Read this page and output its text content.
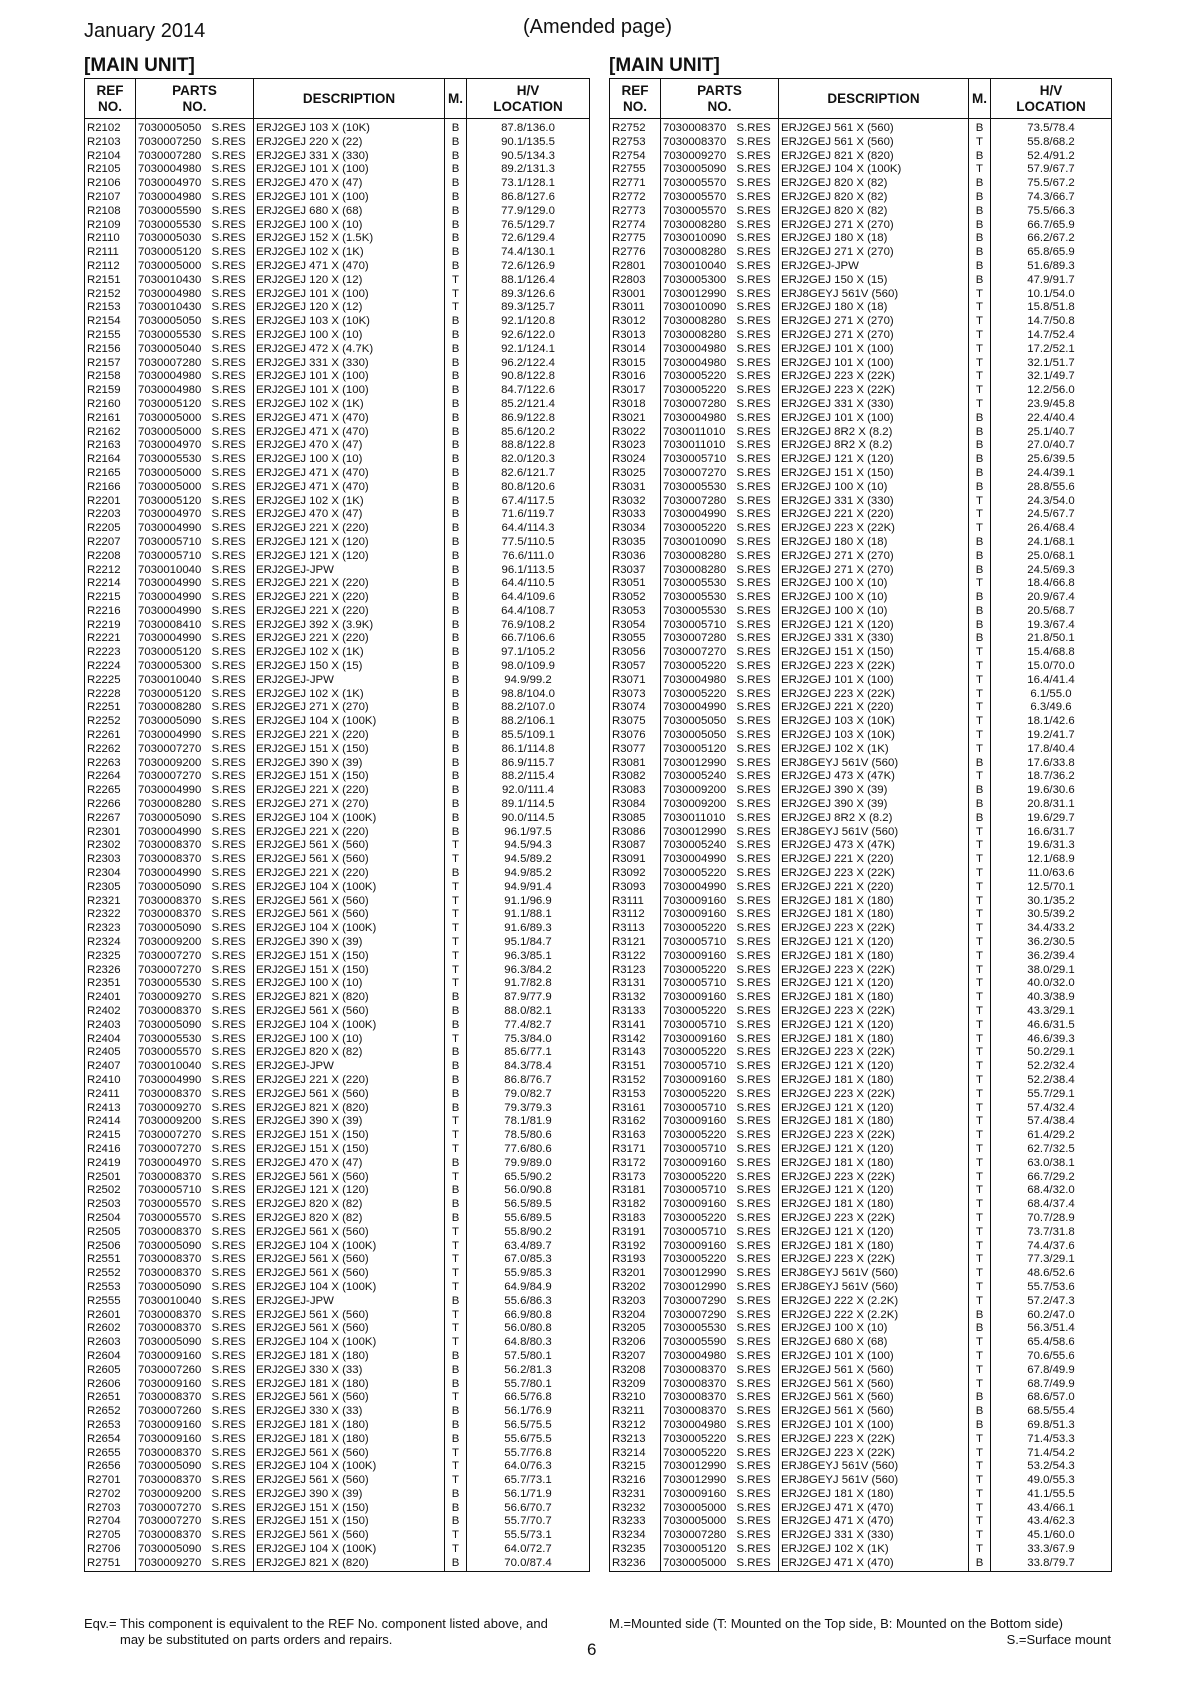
January 2014	(Amended page)
[MAIN UNIT]
REF
NO.	PARTS
NO.		DESCRIPTION	M.	H/V
LOCATION
R2102	7030005050	S.RES	ERJ2GEJ 103 X (10K)	B	87.8/136.0
R2103	7030007250	S.RES	ERJ2GEJ 220 X (22)	B	90.1/135.5
R2104	7030007280	S.RES	ERJ2GEJ 331 X (330)	B	90.5/134.3
R2105	7030004980	S.RES	ERJ2GEJ 101 X (100)	B	89.2/131.3
R2106	7030004970	S.RES	ERJ2GEJ 470 X (47)	B	73.1/128.1
R2107	7030004980	S.RES	ERJ2GEJ 101 X (100)	B	86.8/127.6
R2108	7030005590	S.RES	ERJ2GEJ 680 X (68)	B	77.9/129.0
R2109	7030005530	S.RES	ERJ2GEJ 100 X (10)	B	76.5/129.7
R2110	7030005030	S.RES	ERJ2GEJ 152 X (1.5K)	B	72.6/129.4
R2111	7030005120	S.RES	ERJ2GEJ 102 X (1K)	B	74.4/130.1
R2112	7030005000	S.RES	ERJ2GEJ 471 X (470)	B	72.6/126.9
R2151	7030010430	S.RES	ERJ2GEJ 120 X (12)	T	88.1/126.4
R2152	7030004980	S.RES	ERJ2GEJ 101 X (100)	T	89.3/126.6
R2153	7030010430	S.RES	ERJ2GEJ 120 X (12)	T	89.3/125.7
R2154	7030005050	S.RES	ERJ2GEJ 103 X (10K)	B	92.1/120.8
R2155	7030005530	S.RES	ERJ2GEJ 100 X (10)	B	92.6/122.0
R2156	7030005040	S.RES	ERJ2GEJ 472 X (4.7K)	B	92.1/124.1
R2157	7030007280	S.RES	ERJ2GEJ 331 X (330)	B	96.2/122.4
R2158	7030004980	S.RES	ERJ2GEJ 101 X (100)	B	90.8/122.8
R2159	7030004980	S.RES	ERJ2GEJ 101 X (100)	B	84.7/122.6
R2160	7030005120	S.RES	ERJ2GEJ 102 X (1K)	B	85.2/121.4
R2161	7030005000	S.RES	ERJ2GEJ 471 X (470)	B	86.9/122.8
R2162	7030005000	S.RES	ERJ2GEJ 471 X (470)	B	85.6/120.2
R2163	7030004970	S.RES	ERJ2GEJ 470 X (47)	B	88.8/122.8
R2164	7030005530	S.RES	ERJ2GEJ 100 X (10)	B	82.0/120.3
R2165	7030005000	S.RES	ERJ2GEJ 471 X (470)	B	82.6/121.7
R2166	7030005000	S.RES	ERJ2GEJ 471 X (470)	B	80.8/120.6
R2201	7030005120	S.RES	ERJ2GEJ 102 X (1K)	B	67.4/117.5
R2203	7030004970	S.RES	ERJ2GEJ 470 X (47)	B	71.6/119.7
R2205	7030004990	S.RES	ERJ2GEJ 221 X (220)	B	64.4/114.3
R2207	7030005710	S.RES	ERJ2GEJ 121 X (120)	B	77.5/110.5
R2208	7030005710	S.RES	ERJ2GEJ 121 X (120)	B	76.6/111.0
R2212	7030010040	S.RES	ERJ2GEJ-JPW	B	96.1/113.5
R2214	7030004990	S.RES	ERJ2GEJ 221 X (220)	B	64.4/110.5
R2215	7030004990	S.RES	ERJ2GEJ 221 X (220)	B	64.4/109.6
R2216	7030004990	S.RES	ERJ2GEJ 221 X (220)	B	64.4/108.7
R2219	7030008410	S.RES	ERJ2GEJ 392 X (3.9K)	B	76.9/108.2
R2221	7030004990	S.RES	ERJ2GEJ 221 X (220)	B	66.7/106.6
R2223	7030005120	S.RES	ERJ2GEJ 102 X (1K)	B	97.1/105.2
R2224	7030005300	S.RES	ERJ2GEJ 150 X (15)	B	98.0/109.9
R2225	7030010040	S.RES	ERJ2GEJ-JPW	B	94.9/99.2
R2228	7030005120	S.RES	ERJ2GEJ 102 X (1K)	B	98.8/104.0
R2251	7030008280	S.RES	ERJ2GEJ 271 X (270)	B	88.2/107.0
R2252	7030005090	S.RES	ERJ2GEJ 104 X (100K)	B	88.2/106.1
R2261	7030004990	S.RES	ERJ2GEJ 221 X (220)	B	85.5/109.1
R2262	7030007270	S.RES	ERJ2GEJ 151 X (150)	B	86.1/114.8
R2263	7030009200	S.RES	ERJ2GEJ 390 X (39)	B	86.9/115.7
R2264	7030007270	S.RES	ERJ2GEJ 151 X (150)	B	88.2/115.4
R2265	7030004990	S.RES	ERJ2GEJ 221 X (220)	B	92.0/111.4
R2266	7030008280	S.RES	ERJ2GEJ 271 X (270)	B	89.1/114.5
R2267	7030005090	S.RES	ERJ2GEJ 104 X (100K)	B	90.0/114.5
R2301	7030004990	S.RES	ERJ2GEJ 221 X (220)	B	96.1/97.5
R2302	7030008370	S.RES	ERJ2GEJ 561 X (560)	T	94.5/94.3
R2303	7030008370	S.RES	ERJ2GEJ 561 X (560)	T	94.5/89.2
R2304	7030004990	S.RES	ERJ2GEJ 221 X (220)	B	94.9/85.2
R2305	7030005090	S.RES	ERJ2GEJ 104 X (100K)	T	94.9/91.4
R2321	7030008370	S.RES	ERJ2GEJ 561 X (560)	T	91.1/96.9
R2322	7030008370	S.RES	ERJ2GEJ 561 X (560)	T	91.1/88.1
R2323	7030005090	S.RES	ERJ2GEJ 104 X (100K)	T	91.6/89.3
R2324	7030009200	S.RES	ERJ2GEJ 390 X (39)	T	95.1/84.7
R2325	7030007270	S.RES	ERJ2GEJ 151 X (150)	T	96.3/85.1
R2326	7030007270	S.RES	ERJ2GEJ 151 X (150)	T	96.3/84.2
R2351	7030005530	S.RES	ERJ2GEJ 100 X (10)	T	91.7/82.8
R2401	7030009270	S.RES	ERJ2GEJ 821 X (820)	B	87.9/77.9
R2402	7030008370	S.RES	ERJ2GEJ 561 X (560)	B	88.0/82.1
R2403	7030005090	S.RES	ERJ2GEJ 104 X (100K)	B	77.4/82.7
R2404	7030005530	S.RES	ERJ2GEJ 100 X (10)	T	75.3/84.0
R2405	7030005570	S.RES	ERJ2GEJ 820 X (82)	B	85.6/77.1
R2407	7030010040	S.RES	ERJ2GEJ-JPW	B	84.3/78.4
R2410	7030004990	S.RES	ERJ2GEJ 221 X (220)	B	86.8/76.7
R2411	7030008370	S.RES	ERJ2GEJ 561 X (560)	B	79.0/82.7
R2413	7030009270	S.RES	ERJ2GEJ 821 X (820)	B	79.3/79.3
R2414	7030009200	S.RES	ERJ2GEJ 390 X (39)	T	78.1/81.9
R2415	7030007270	S.RES	ERJ2GEJ 151 X (150)	T	78.5/80.6
R2416	7030007270	S.RES	ERJ2GEJ 151 X (150)	T	77.6/80.6
R2419	7030004970	S.RES	ERJ2GEJ 470 X (47)	B	79.9/89.0
R2501	7030008370	S.RES	ERJ2GEJ 561 X (560)	T	65.5/90.2
R2502	7030005710	S.RES	ERJ2GEJ 121 X (120)	B	56.0/90.8
R2503	7030005570	S.RES	ERJ2GEJ 820 X (82)	B	56.5/89.5
R2504	7030005570	S.RES	ERJ2GEJ 820 X (82)	B	55.6/89.5
R2505	7030008370	S.RES	ERJ2GEJ 561 X (560)	T	55.8/90.2
R2506	7030005090	S.RES	ERJ2GEJ 104 X (100K)	T	63.4/89.7
R2551	7030008370	S.RES	ERJ2GEJ 561 X (560)	T	67.0/85.3
R2552	7030008370	S.RES	ERJ2GEJ 561 X (560)	T	55.9/85.3
R2553	7030005090	S.RES	ERJ2GEJ 104 X (100K)	T	64.9/84.9
R2555	7030010040	S.RES	ERJ2GEJ-JPW	B	55.6/86.3
R2601	7030008370	S.RES	ERJ2GEJ 561 X (560)	T	66.9/80.8
R2602	7030008370	S.RES	ERJ2GEJ 561 X (560)	T	56.0/80.8
R2603	7030005090	S.RES	ERJ2GEJ 104 X (100K)	T	64.8/80.3
R2604	7030009160	S.RES	ERJ2GEJ 181 X (180)	B	57.5/80.1
R2605	7030007260	S.RES	ERJ2GEJ 330 X (33)	B	56.2/81.3
R2606	7030009160	S.RES	ERJ2GEJ 181 X (180)	B	55.7/80.1
R2651	7030008370	S.RES	ERJ2GEJ 561 X (560)	T	66.5/76.8
R2652	7030007260	S.RES	ERJ2GEJ 330 X (33)	B	56.1/76.9
R2653	7030009160	S.RES	ERJ2GEJ 181 X (180)	B	56.5/75.5
R2654	7030009160	S.RES	ERJ2GEJ 181 X (180)	B	55.6/75.5
R2655	7030008370	S.RES	ERJ2GEJ 561 X (560)	T	55.7/76.8
R2656	7030005090	S.RES	ERJ2GEJ 104 X (100K)	T	64.0/76.3
R2701	7030008370	S.RES	ERJ2GEJ 561 X (560)	T	65.7/73.1
R2702	7030009200	S.RES	ERJ2GEJ 390 X (39)	B	56.1/71.9
R2703	7030007270	S.RES	ERJ2GEJ 151 X (150)	B	56.6/70.7
R2704	7030007270	S.RES	ERJ2GEJ 151 X (150)	B	55.7/70.7
R2705	7030008370	S.RES	ERJ2GEJ 561 X (560)	T	55.5/73.1
R2706	7030005090	S.RES	ERJ2GEJ 104 X (100K)	T	64.0/72.7
R2751	7030009270	S.RES	ERJ2GEJ 821 X (820)	B	70.0/87.4
[MAIN UNIT]
REF
NO.	PARTS
NO.		DESCRIPTION	M.	H/V
LOCATION
R2752	7030008370	S.RES	ERJ2GEJ 561 X (560)	B	73.5/78.4
R2753	7030008370	S.RES	ERJ2GEJ 561 X (560)	T	55.8/68.2
R2754	7030009270	S.RES	ERJ2GEJ 821 X (820)	B	52.4/91.2
R2755	7030005090	S.RES	ERJ2GEJ 104 X (100K)	T	57.9/67.7
R2771	7030005570	S.RES	ERJ2GEJ 820 X (82)	B	75.5/67.2
R2772	7030005570	S.RES	ERJ2GEJ 820 X (82)	B	74.3/66.7
R2773	7030005570	S.RES	ERJ2GEJ 820 X (82)	B	75.5/66.3
R2774	7030008280	S.RES	ERJ2GEJ 271 X (270)	B	66.7/65.9
R2775	7030010090	S.RES	ERJ2GEJ 180 X (18)	B	66.2/67.2
R2776	7030008280	S.RES	ERJ2GEJ 271 X (270)	B	65.8/65.9
R2801	7030010040	S.RES	ERJ2GEJ-JPW	B	51.6/89.3
R2803	7030005300	S.RES	ERJ2GEJ 150 X (15)	B	47.9/91.7
R3001	7030012990	S.RES	ERJ8GEYJ 561V (560)	T	10.1/54.0
R3011	7030010090	S.RES	ERJ2GEJ 180 X (18)	T	15.8/51.8
R3012	7030008280	S.RES	ERJ2GEJ 271 X (270)	T	14.7/50.8
R3013	7030008280	S.RES	ERJ2GEJ 271 X (270)	T	14.7/52.4
R3014	7030004980	S.RES	ERJ2GEJ 101 X (100)	T	17.2/52.1
R3015	7030004980	S.RES	ERJ2GEJ 101 X (100)	T	32.1/51.7
R3016	7030005220	S.RES	ERJ2GEJ 223 X (22K)	T	32.1/49.7
R3017	7030005220	S.RES	ERJ2GEJ 223 X (22K)	T	12.2/56.0
R3018	7030007280	S.RES	ERJ2GEJ 331 X (330)	T	23.9/45.8
R3021	7030004980	S.RES	ERJ2GEJ 101 X (100)	B	22.4/40.4
R3022	7030011010	S.RES	ERJ2GEJ 8R2 X (8.2)	B	25.1/40.7
R3023	7030011010	S.RES	ERJ2GEJ 8R2 X (8.2)	B	27.0/40.7
R3024	7030005710	S.RES	ERJ2GEJ 121 X (120)	B	25.6/39.5
R3025	7030007270	S.RES	ERJ2GEJ 151 X (150)	B	24.4/39.1
R3031	7030005530	S.RES	ERJ2GEJ 100 X (10)	B	28.8/55.6
R3032	7030007280	S.RES	ERJ2GEJ 331 X (330)	T	24.3/54.0
R3033	7030004990	S.RES	ERJ2GEJ 221 X (220)	T	24.5/67.7
R3034	7030005220	S.RES	ERJ2GEJ 223 X (22K)	T	26.4/68.4
R3035	7030010090	S.RES	ERJ2GEJ 180 X (18)	B	24.1/68.1
R3036	7030008280	S.RES	ERJ2GEJ 271 X (270)	B	25.0/68.1
R3037	7030008280	S.RES	ERJ2GEJ 271 X (270)	B	24.5/69.3
R3051	7030005530	S.RES	ERJ2GEJ 100 X (10)	T	18.4/66.8
R3052	7030005530	S.RES	ERJ2GEJ 100 X (10)	B	20.9/67.4
R3053	7030005530	S.RES	ERJ2GEJ 100 X (10)	B	20.5/68.7
R3054	7030005710	S.RES	ERJ2GEJ 121 X (120)	B	19.3/67.4
R3055	7030007280	S.RES	ERJ2GEJ 331 X (330)	B	21.8/50.1
R3056	7030007270	S.RES	ERJ2GEJ 151 X (150)	T	15.4/68.8
R3057	7030005220	S.RES	ERJ2GEJ 223 X (22K)	T	15.0/70.0
R3071	7030004980	S.RES	ERJ2GEJ 101 X (100)	T	16.4/41.4
R3073	7030005220	S.RES	ERJ2GEJ 223 X (22K)	T	6.1/55.0
R3074	7030004990	S.RES	ERJ2GEJ 221 X (220)	T	6.3/49.6
R3075	7030005050	S.RES	ERJ2GEJ 103 X (10K)	T	18.1/42.6
R3076	7030005050	S.RES	ERJ2GEJ 103 X (10K)	T	19.2/41.7
R3077	7030005120	S.RES	ERJ2GEJ 102 X (1K)	T	17.8/40.4
R3081	7030012990	S.RES	ERJ8GEYJ 561V (560)	B	17.6/33.8
R3082	7030005240	S.RES	ERJ2GEJ 473 X (47K)	T	18.7/36.2
R3083	7030009200	S.RES	ERJ2GEJ 390 X (39)	B	19.6/30.6
R3084	7030009200	S.RES	ERJ2GEJ 390 X (39)	B	20.8/31.1
R3085	7030011010	S.RES	ERJ2GEJ 8R2 X (8.2)	B	19.6/29.7
R3086	7030012990	S.RES	ERJ8GEYJ 561V (560)	T	16.6/31.7
R3087	7030005240	S.RES	ERJ2GEJ 473 X (47K)	T	19.6/31.3
R3091	7030004990	S.RES	ERJ2GEJ 221 X (220)	T	12.1/68.9
R3092	7030005220	S.RES	ERJ2GEJ 223 X (22K)	T	11.0/63.6
R3093	7030004990	S.RES	ERJ2GEJ 221 X (220)	T	12.5/70.1
R3111	7030009160	S.RES	ERJ2GEJ 181 X (180)	T	30.1/35.2
R3112	7030009160	S.RES	ERJ2GEJ 181 X (180)	T	30.5/39.2
R3113	7030005220	S.RES	ERJ2GEJ 223 X (22K)	T	34.4/33.2
R3121	7030005710	S.RES	ERJ2GEJ 121 X (120)	T	36.2/30.5
R3122	7030009160	S.RES	ERJ2GEJ 181 X (180)	T	36.2/39.4
R3123	7030005220	S.RES	ERJ2GEJ 223 X (22K)	T	38.0/29.1
R3131	7030005710	S.RES	ERJ2GEJ 121 X (120)	T	40.0/32.0
R3132	7030009160	S.RES	ERJ2GEJ 181 X (180)	T	40.3/38.9
R3133	7030005220	S.RES	ERJ2GEJ 223 X (22K)	T	43.3/29.1
R3141	7030005710	S.RES	ERJ2GEJ 121 X (120)	T	46.6/31.5
R3142	7030009160	S.RES	ERJ2GEJ 181 X (180)	T	46.6/39.3
R3143	7030005220	S.RES	ERJ2GEJ 223 X (22K)	T	50.2/29.1
R3151	7030005710	S.RES	ERJ2GEJ 121 X (120)	T	52.2/32.4
R3152	7030009160	S.RES	ERJ2GEJ 181 X (180)	T	52.2/38.4
R3153	7030005220	S.RES	ERJ2GEJ 223 X (22K)	T	55.7/29.1
R3161	7030005710	S.RES	ERJ2GEJ 121 X (120)	T	57.4/32.4
R3162	7030009160	S.RES	ERJ2GEJ 181 X (180)	T	57.4/38.4
R3163	7030005220	S.RES	ERJ2GEJ 223 X (22K)	T	61.4/29.2
R3171	7030005710	S.RES	ERJ2GEJ 121 X (120)	T	62.7/32.5
R3172	7030009160	S.RES	ERJ2GEJ 181 X (180)	T	63.0/38.1
R3173	7030005220	S.RES	ERJ2GEJ 223 X (22K)	T	66.7/29.2
R3181	7030005710	S.RES	ERJ2GEJ 121 X (120)	T	68.4/32.0
R3182	7030009160	S.RES	ERJ2GEJ 181 X (180)	T	68.4/37.4
R3183	7030005220	S.RES	ERJ2GEJ 223 X (22K)	T	70.7/28.9
R3191	7030005710	S.RES	ERJ2GEJ 121 X (120)	T	73.7/31.8
R3192	7030009160	S.RES	ERJ2GEJ 181 X (180)	T	74.4/37.6
R3193	7030005220	S.RES	ERJ2GEJ 223 X (22K)	T	77.3/29.1
R3201	7030012990	S.RES	ERJ8GEYJ 561V (560)	T	48.6/52.6
R3202	7030012990	S.RES	ERJ8GEYJ 561V (560)	T	55.7/53.6
R3203	7030007290	S.RES	ERJ2GEJ 222 X (2.2K)	T	57.2/47.3
R3204	7030007290	S.RES	ERJ2GEJ 222 X (2.2K)	B	60.2/47.0
R3205	7030005530	S.RES	ERJ2GEJ 100 X (10)	B	56.3/51.4
R3206	7030005590	S.RES	ERJ2GEJ 680 X (68)	T	65.4/58.6
R3207	7030004980	S.RES	ERJ2GEJ 101 X (100)	T	70.6/55.6
R3208	7030008370	S.RES	ERJ2GEJ 561 X (560)	T	67.8/49.9
R3209	7030008370	S.RES	ERJ2GEJ 561 X (560)	T	68.7/49.9
R3210	7030008370	S.RES	ERJ2GEJ 561 X (560)	B	68.6/57.0
R3211	7030008370	S.RES	ERJ2GEJ 561 X (560)	B	68.5/55.4
R3212	7030004980	S.RES	ERJ2GEJ 101 X (100)	B	69.8/51.3
R3213	7030005220	S.RES	ERJ2GEJ 223 X (22K)	T	71.4/53.3
R3214	7030005220	S.RES	ERJ2GEJ 223 X (22K)	T	71.4/54.2
R3215	7030012990	S.RES	ERJ8GEYJ 561V (560)	T	53.2/54.3
R3216	7030012990	S.RES	ERJ8GEYJ 561V (560)	T	49.0/55.3
R3231	7030009160	S.RES	ERJ2GEJ 181 X (180)	T	41.1/55.5
R3232	7030005000	S.RES	ERJ2GEJ 471 X (470)	T	43.4/66.1
R3233	7030005000	S.RES	ERJ2GEJ 471 X (470)	T	43.4/62.3
R3234	7030007280	S.RES	ERJ2GEJ 331 X (330)	T	45.1/60.0
R3235	7030005120	S.RES	ERJ2GEJ 102 X (1K)	T	33.3/67.9
R3236	7030005000	S.RES	ERJ2GEJ 471 X (470)	B	33.8/79.7
Eqv.= This component is equivalent to the REF No. component listed above, and
may be substituted on parts orders and repairs.
M.=Mounted side (T: Mounted on the Top side, B: Mounted on the Bottom side)
S.=Surface mount
6
